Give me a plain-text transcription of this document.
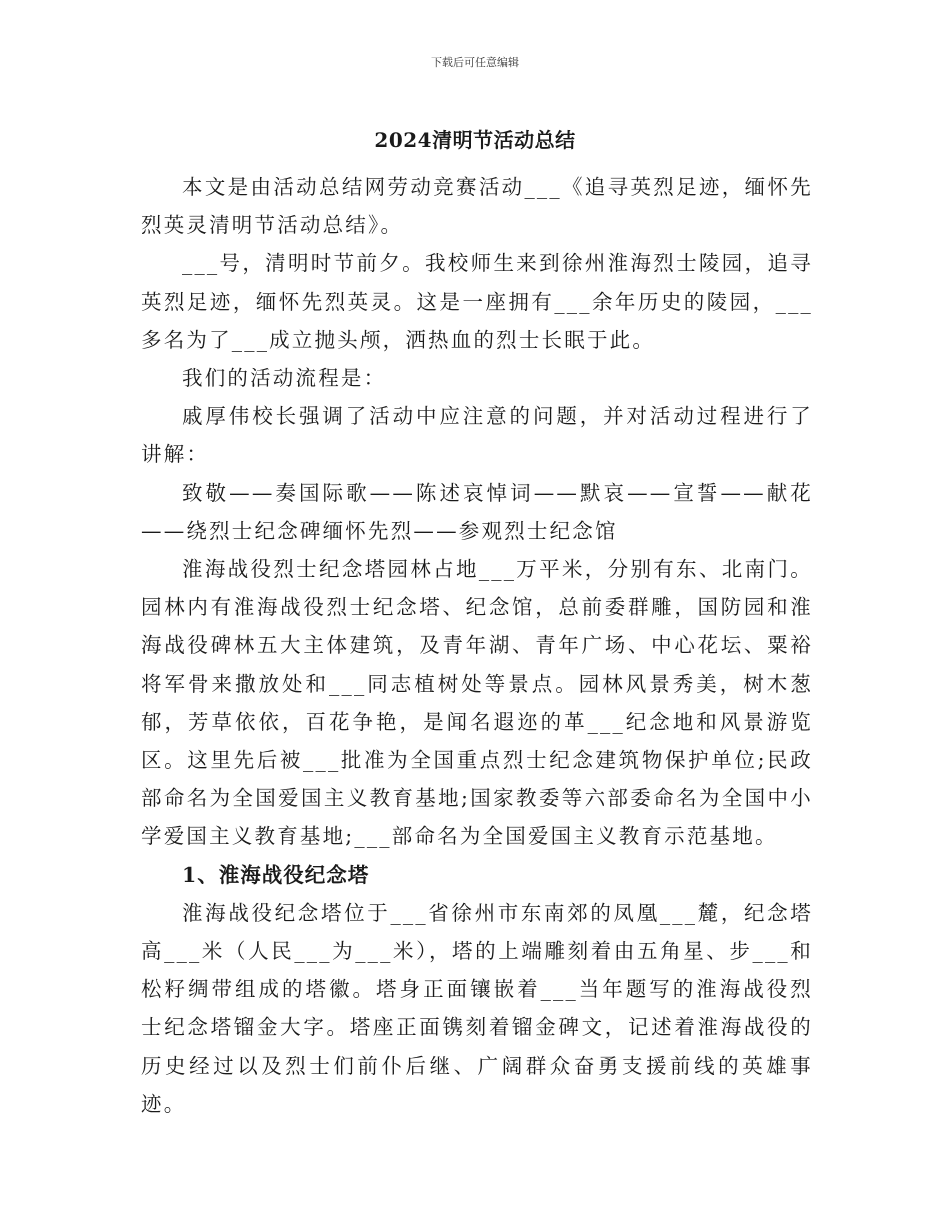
下载后可任意编辑
2024清明节活动总结

本文是由活动总结网劳动竞赛活动___《追寻英烈足迹，缅怀先烈英灵清明节活动总结》。

___号，清明时节前夕。我校师生来到徐州淮海烈士陵园，追寻英烈足迹，缅怀先烈英灵。这是一座拥有___余年历史的陵园，___多名为了___成立抛头颅，洒热血的烈士长眠于此。

我们的活动流程是：

戚厚伟校长强调了活动中应注意的问题，并对活动过程进行了讲解：

致敬——奏国际歌——陈述哀悼词——默哀——宣誓——献花——绕烈士纪念碑缅怀先烈——参观烈士纪念馆

淮海战役烈士纪念塔园林占地___万平米，分别有东、北南门。园林内有淮海战役烈士纪念塔、纪念馆，总前委群雕，国防园和淮海战役碑林五大主体建筑，及青年湖、青年广场、中心花坛、粟裕将军骨来撒放处和___同志植树处等景点。园林风景秀美，树木葱郁，芳草依依，百花争艳，是闻名遐迩的革___纪念地和风景游览区。这里先后被___批准为全国重点烈士纪念建筑物保护单位;民政部命名为全国爱国主义教育基地;国家教委等六部委命名为全国中小学爱国主义教育基地;___部命名为全国爱国主义教育示范基地。

1、淮海战役纪念塔

淮海战役纪念塔位于___省徐州市东南郊的凤凰___麓，纪念塔高___米（人民___为___米），塔的上端雕刻着由五角星、步___和松籽绸带组成的塔徽。塔身正面镶嵌着___当年题写的淮海战役烈士纪念塔镏金大字。塔座正面镌刻着镏金碑文，记述着淮海战役的历史经过以及烈士们前仆后继、广阔群众奋勇支援前线的英雄事迹。
